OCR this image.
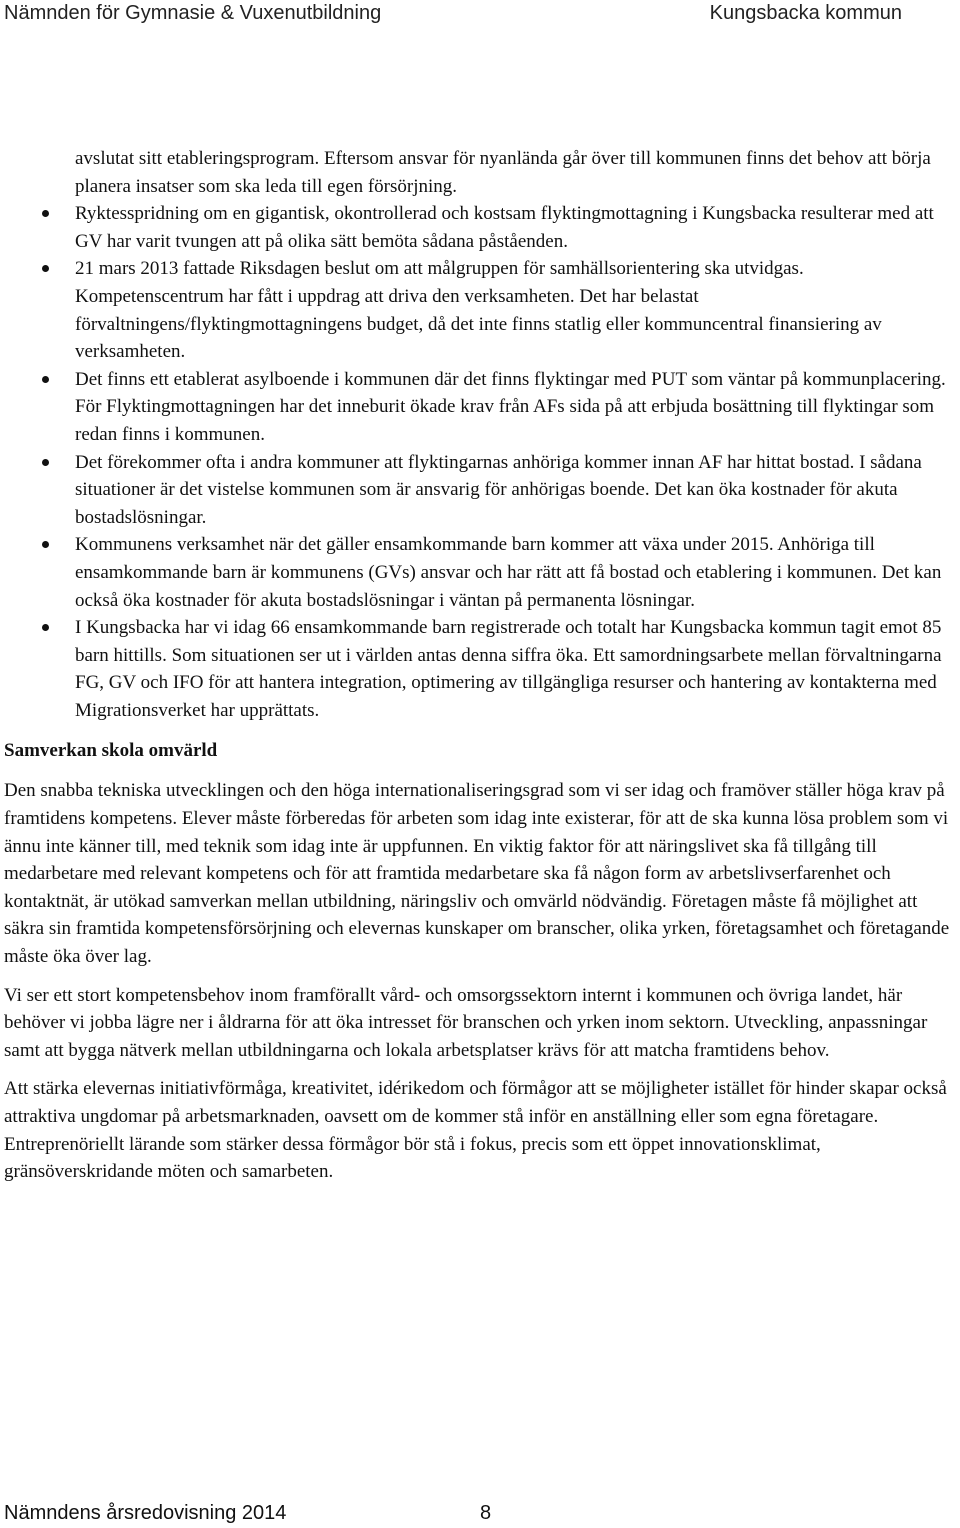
Nämnden för Gymnasie & Vuxenutbildning	Kungsbacka kommun

avslutat sitt etableringsprogram. Eftersom ansvar för nyanlända går över till kommunen finns det behov att börja planera insatser som ska leda till egen försörjning.

Ryktesspridning om en gigantisk, okontrollerad och kostsam flyktingmottagning i Kungsbacka resulterar med att GV har varit tvungen att på olika sätt bemöta sådana påståenden.
21 mars 2013 fattade Riksdagen beslut om att målgruppen för samhällsorientering ska utvidgas. Kompetenscentrum har fått i uppdrag att driva den verksamheten. Det har belastat förvaltningens/flyktingmottagningens budget, då det inte finns statlig eller kommuncentral finansiering av verksamheten.
Det finns ett etablerat asylboende i kommunen där det finns flyktingar med PUT som väntar på kommunplacering. För Flyktingmottagningen har det inneburit ökade krav från AFs sida på att erbjuda bosättning till flyktingar som redan finns i kommunen.
Det förekommer ofta i andra kommuner att flyktingarnas anhöriga kommer innan AF har hittat bostad. I sådana situationer är det vistelse kommunen som är ansvarig för anhörigas boende. Det kan öka kostnader för akuta bostadslösningar.
Kommunens verksamhet när det gäller ensamkommande barn kommer att växa under 2015. Anhöriga till ensamkommande barn är kommunens (GVs) ansvar och har rätt att få bostad och etablering i kommunen. Det kan också öka kostnader för akuta bostadslösningar i väntan på permanenta lösningar.
I Kungsbacka har vi idag 66 ensamkommande barn registrerade och totalt har Kungsbacka kommun tagit emot 85 barn hittills. Som situationen ser ut i världen antas denna siffra öka. Ett samordningsarbete mellan förvaltningarna FG, GV och IFO för att hantera integration, optimering av tillgängliga resurser och hantering av kontakterna med Migrationsverket har upprättats.
Samverkan skola omvärld

Den snabba tekniska utvecklingen och den höga internationaliseringsgrad som vi ser idag och framöver ställer höga krav på framtidens kompetens. Elever måste förberedas för arbeten som idag inte existerar, för att de ska kunna lösa problem som vi ännu inte känner till, med teknik som idag inte är uppfunnen. En viktig faktor för att näringslivet ska få tillgång till medarbetare med relevant kompetens och för att framtida medarbetare ska få någon form av arbetslivserfarenhet och kontaktnät, är utökad samverkan mellan utbildning, näringsliv och omvärld nödvändig. Företagen måste få möjlighet att säkra sin framtida kompetensförsörjning och elevernas kunskaper om branscher, olika yrken, företagsamhet och företagande måste öka över lag.

Vi ser ett stort kompetensbehov inom framförallt vård- och omsorgssektorn internt i kommunen och övriga landet, här behöver vi jobba lägre ner i åldrarna för att öka intresset för branschen och yrken inom sektorn. Utveckling, anpassningar samt att bygga nätverk mellan utbildningarna och lokala arbetsplatser krävs för att matcha framtidens behov.

Att stärka elevernas initiativförmåga, kreativitet, idérikedom och förmågor att se möjligheter istället för hinder skapar också attraktiva ungdomar på arbetsmarknaden, oavsett om de kommer stå inför en anställning eller som egna företagare. Entreprenöriellt lärande som stärker dessa förmågor bör stå i fokus, precis som ett öppet innovationsklimat, gränsöverskridande möten och samarbeten.

Nämndens årsredovisning 2014	8
